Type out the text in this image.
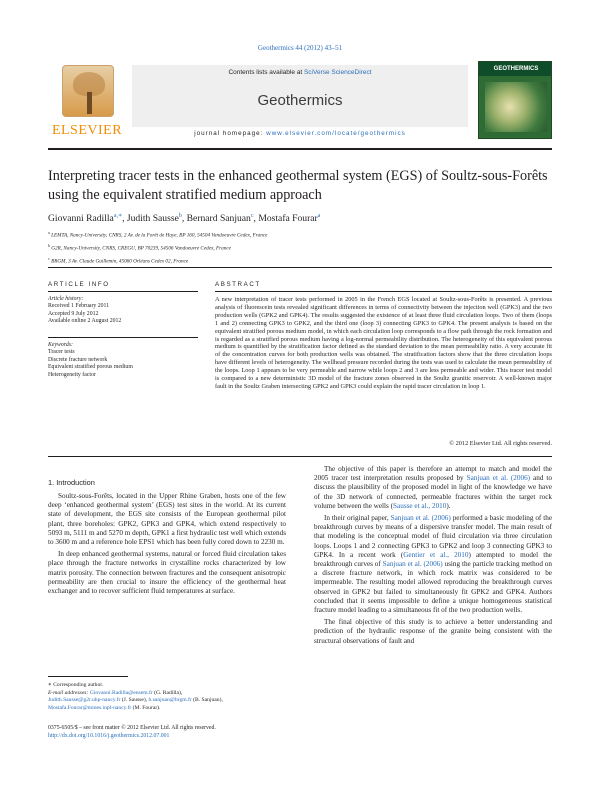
Geothermics 44 (2012) 43–51
ELSEVIER
Contents lists available at SciVerse ScienceDirect
Geothermics
journal homepage: www.elsevier.com/locate/geothermics
GEOTHERMICS
Interpreting tracer tests in the enhanced geothermal system (EGS) of Soultz-sous-Forêts using the equivalent stratified medium approach
Giovanni Radilla$^{a,∗}$, Judith Sausse$^b$, Bernard Sanjuan$^c$, Mostafa Fourar$^a$
$^a$ LEMTA, Nancy-University, CNRS, 2 Av. de la Forêt de Haye, BP 160, 54504 Vandoeuvre Cedex, France
$^b$ G2R, Nancy-University, CNRS, CREGU, BP 70239, 54506 Vandoeuvre Cedex, France
$^c$ BRGM, 3 Av. Claude Guillemin, 45060 Orléans Cedex 02, France
ARTICLE INFO	ABSTRACT
Article history:
Received 1 February 2011
Accepted 9 July 2012
Available online 2 August 2012
Keywords:
Tracer tests
Discrete fracture network
Equivalent stratified porous medium
Heterogeneity factor
A new interpretation of tracer tests performed in 2005 in the French EGS located at Soultz-sous-Forêts is presented. A previous analysis of fluorescein tests revealed significant differences in terms of connectivity between the injection well (GPK3) and the two production wells (GPK2 and GPK4). The results suggested the existence of at least three fluid circulation loops. Two of them (loops 1 and 2) connecting GPK3 to GPK2, and the third one (loop 3) connecting GPK3 to GPK4. The present analysis is based on the equivalent stratified porous medium model, in which each circulation loop corresponds to a flow path through the rock formation and is regarded as a stratified porous medium having a log-normal permeability distribution. The heterogeneity of this equivalent porous medium is quantified by the stratification factor defined as the standard deviation to the mean permeability ratio. A very accurate fit of the concentration curves for both production wells was obtained. The stratification factors show that the three circulation loops have different levels of heterogeneity. The wellhead pressure recorded during the tests was used to calculate the mean permeability of the loops. Loop 1 appears to be very permeable and narrow while loops 2 and 3 are less permeable and wider. This tracer test model is compared to a new deterministic 3D model of the fracture zones observed in the Soultz granitic reservoir. A well-known major fault in the Soultz Graben intersecting GPK2 and GPK3 could explain the rapid tracer circulation in loop 1.
© 2012 Elsevier Ltd. All rights reserved.
1. Introduction

Soultz-sous-Forêts, located in the Upper Rhine Graben, hosts one of the few deep ‘enhanced geothermal system’ (EGS) test sites in the world. At its current state of development, the EGS site consists of the European geothermal pilot plant, three boreholes: GPK2, GPK3 and GPK4, which extend respectively to 5093 m, 5111 m and 5270 m depth, GPK1 a first hydraulic test well which extends to 3600 m and a reference hole EPS1 which has been fully cored down to 2230 m.

In deep enhanced geothermal systems, natural or forced fluid circulation takes place through the fracture networks in crystalline rocks characterized by low matrix porosity. The connection between fractures and the consequent anisotropic permeability are then crucial to insure the efficiency of the geothermal heat exchanger and to recover sufficient fluid temperatures at surface.

The objective of this paper is therefore an attempt to match and model the 2005 tracer test interpretation results proposed by Sanjuan et al. (2006) and to discuss the plausibility of the proposed model in light of the knowledge we have of the 3D network of connected, permeable fractures within the target rock volume between the wells (Sausse et al., 2010).

In their original paper, Sanjuan et al. (2006) performed a basic modeling of the breakthrough curves by means of a dispersive transfer model. The main result of that modeling is the conceptual model of fluid circulation via three circulation loops. Loops 1 and 2 connecting GPK3 to GPK2 and loop 3 connecting GPK3 to GPK4. In a recent work (Gentier et al., 2010) attempted to model the breakthrough curves of Sanjuan et al. (2006) using the particle tracking method on a discrete fracture network, in which rock matrix was considered to be impermeable. The resulting model allowed reproducing the breakthrough curves observed in GPK2 but failed to simultaneously fit GPK2 and GPK4. Authors concluded that it seems impossible to define a unique homogeneous statistical fracture model leading to a simultaneous fit of the two production wells.

The final objective of this study is to achieve a better understanding and prediction of the hydraulic response of the granite being consistent with the structural observations of fault and

∗ Corresponding author.
E-mail addresses: Giovanni.Radilla@ensem.fr (G. Radilla),
Judith.Sausse@g2r.uhp-nancy.fr (J. Sausse), b.sanjuan@brgm.fr (B. Sanjuan),
Mostafa.Fourar@mines.inpl-nancy.fr (M. Fourar).
0375-6505/$ – see front matter © 2012 Elsevier Ltd. All rights reserved.
http://dx.doi.org/10.1016/j.geothermics.2012.07.001
